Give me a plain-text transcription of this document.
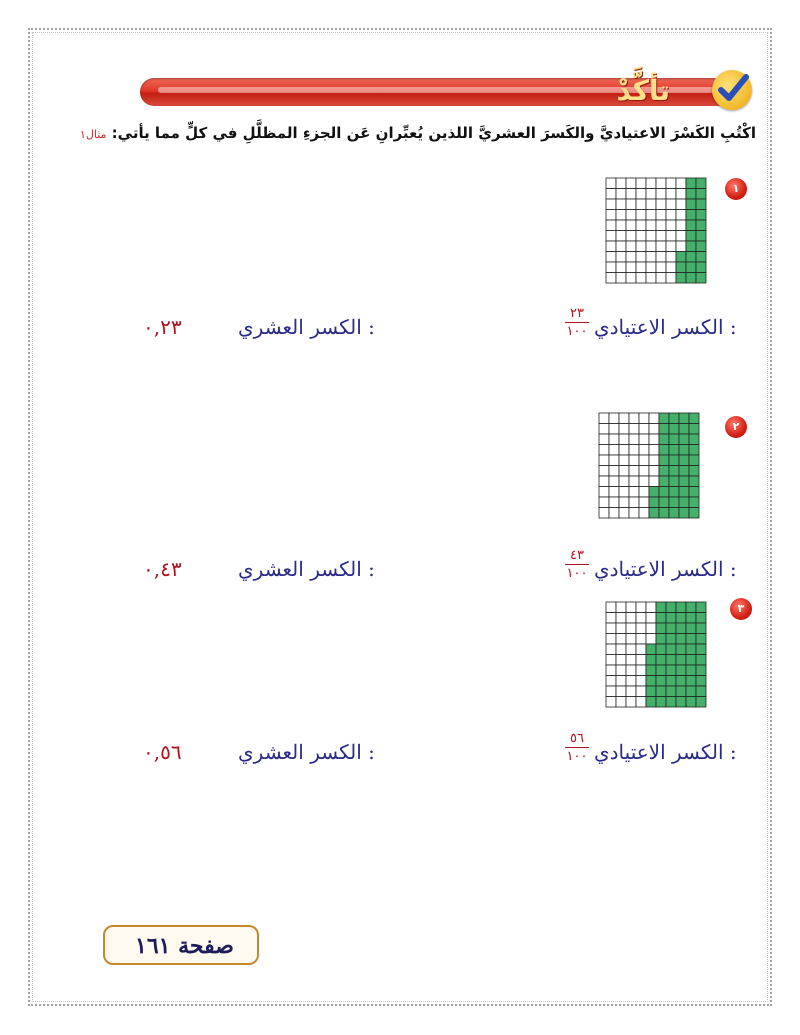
تأكَّدْ
اكْتُبِ الكَسْرَ الاعتياديَّ والكَسرَ العشريَّ اللذين يُعبِّرانِ عَن الجزءِ المظلَّلِ في كلٍّ مما يأتي: مثال١
١
الكسر الاعتيادي :
٢٣
١٠٠
الكسر العشري :
٠,٢٣
٢
الكسر الاعتيادي :
٤٣
١٠٠
الكسر العشري :
٠,٤٣
٣
الكسر الاعتيادي :
٥٦
١٠٠
الكسر العشري :
٠,٥٦
صفحة ١٦١
